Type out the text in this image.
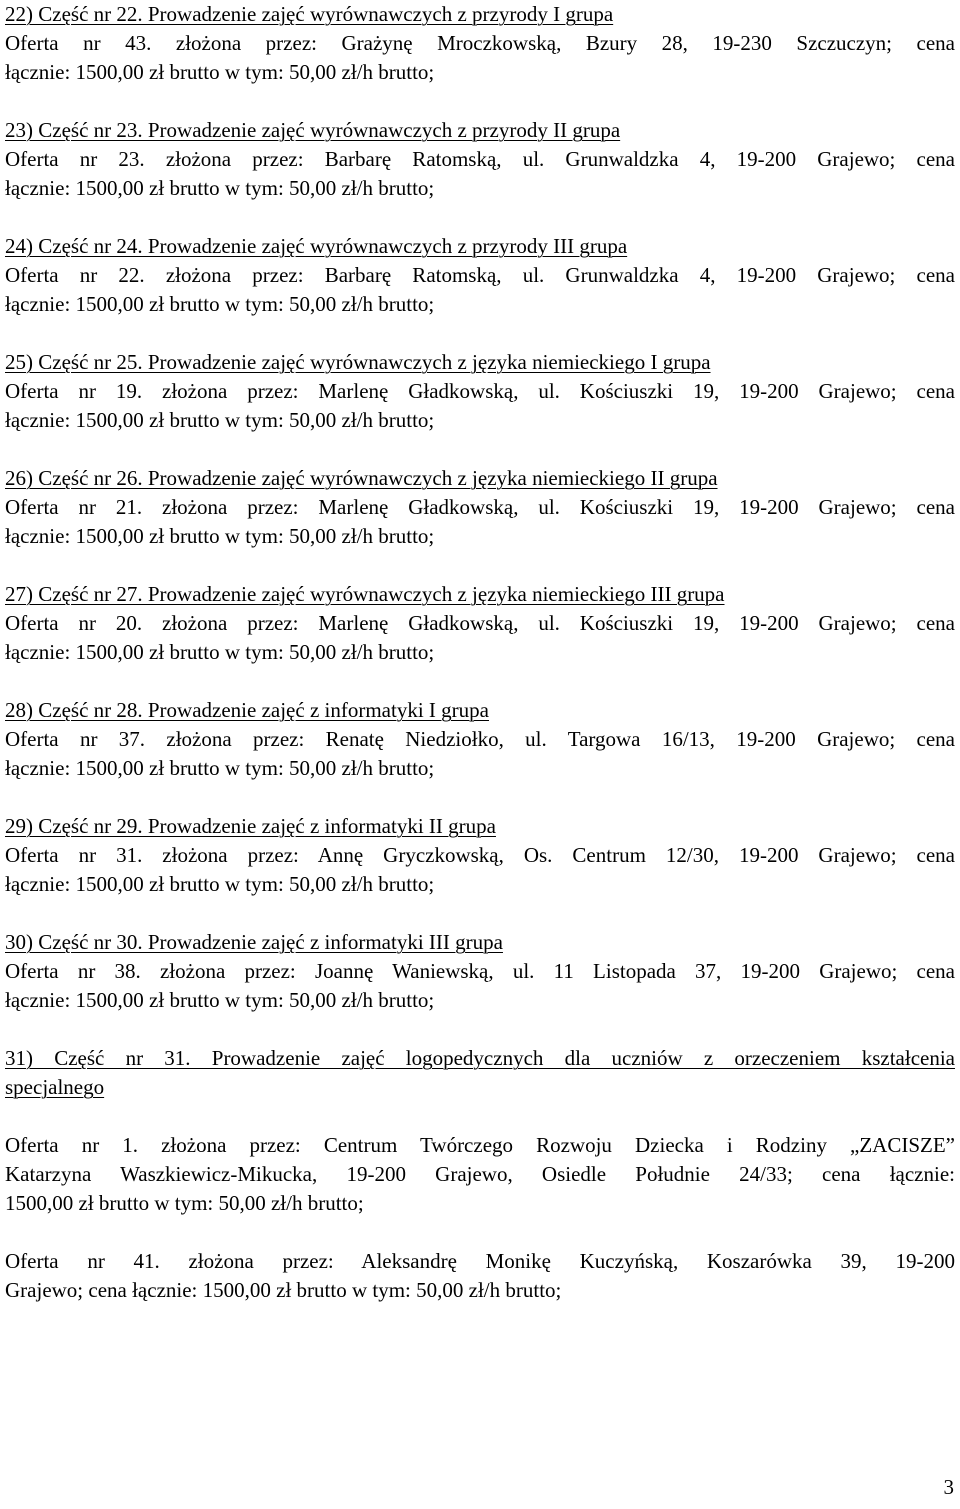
22) Część nr 22. Prowadzenie zajęć wyrównawczych z przyrody I grupa
Oferta nr 43. złożona przez: Grażynę Mroczkowską, Bzury 28, 19-230 Szczuczyn; cena
łącznie: 1500,00 zł brutto w tym: 50,00 zł/h brutto;
23) Część nr 23. Prowadzenie zajęć wyrównawczych z przyrody II grupa
Oferta nr 23. złożona przez: Barbarę Ratomską, ul. Grunwaldzka 4, 19-200 Grajewo; cena
łącznie: 1500,00 zł brutto w tym: 50,00 zł/h brutto;
24) Część nr 24. Prowadzenie zajęć wyrównawczych z przyrody III grupa
Oferta nr 22. złożona przez: Barbarę Ratomską, ul. Grunwaldzka 4, 19-200 Grajewo; cena
łącznie: 1500,00 zł brutto w tym: 50,00 zł/h brutto;
25) Część nr 25. Prowadzenie zajęć wyrównawczych z języka niemieckiego I grupa
Oferta nr 19. złożona przez: Marlenę Gładkowską, ul. Kościuszki 19, 19-200 Grajewo; cena
łącznie: 1500,00 zł brutto w tym: 50,00 zł/h brutto;
26) Część nr 26. Prowadzenie zajęć wyrównawczych z języka niemieckiego II grupa
Oferta nr 21. złożona przez: Marlenę Gładkowską, ul. Kościuszki 19, 19-200 Grajewo; cena
łącznie: 1500,00 zł brutto w tym: 50,00 zł/h brutto;
27) Część nr 27. Prowadzenie zajęć wyrównawczych z języka niemieckiego III grupa
Oferta nr 20. złożona przez: Marlenę Gładkowską, ul. Kościuszki 19, 19-200 Grajewo; cena
łącznie: 1500,00 zł brutto w tym: 50,00 zł/h brutto;
28) Część nr 28. Prowadzenie zajęć z informatyki I grupa
Oferta nr 37. złożona przez: Renatę Niedziołko, ul. Targowa 16/13, 19-200 Grajewo; cena
łącznie: 1500,00 zł brutto w tym: 50,00 zł/h brutto;
29) Część nr 29. Prowadzenie zajęć z informatyki II grupa
Oferta nr 31. złożona przez: Annę Gryczkowską, Os. Centrum 12/30, 19-200 Grajewo; cena
łącznie: 1500,00 zł brutto w tym: 50,00 zł/h brutto;
30) Część nr 30. Prowadzenie zajęć z informatyki III grupa
Oferta nr 38. złożona przez: Joannę Waniewską, ul. 11 Listopada 37, 19-200 Grajewo; cena
łącznie: 1500,00 zł brutto w tym: 50,00 zł/h brutto;
31) Część nr 31. Prowadzenie zajęć logopedycznych dla uczniów z orzeczeniem kształcenia
specjalnego
Oferta nr 1. złożona przez: Centrum Twórczego Rozwoju Dziecka i Rodziny „ZACISZE”
Katarzyna Waszkiewicz-Mikucka, 19-200 Grajewo, Osiedle Południe 24/33; cena łącznie:
1500,00 zł brutto w tym: 50,00 zł/h brutto;
Oferta nr 41. złożona przez: Aleksandrę Monikę Kuczyńską, Koszarówka 39, 19-200
Grajewo; cena łącznie: 1500,00 zł brutto w tym: 50,00 zł/h brutto;
3
